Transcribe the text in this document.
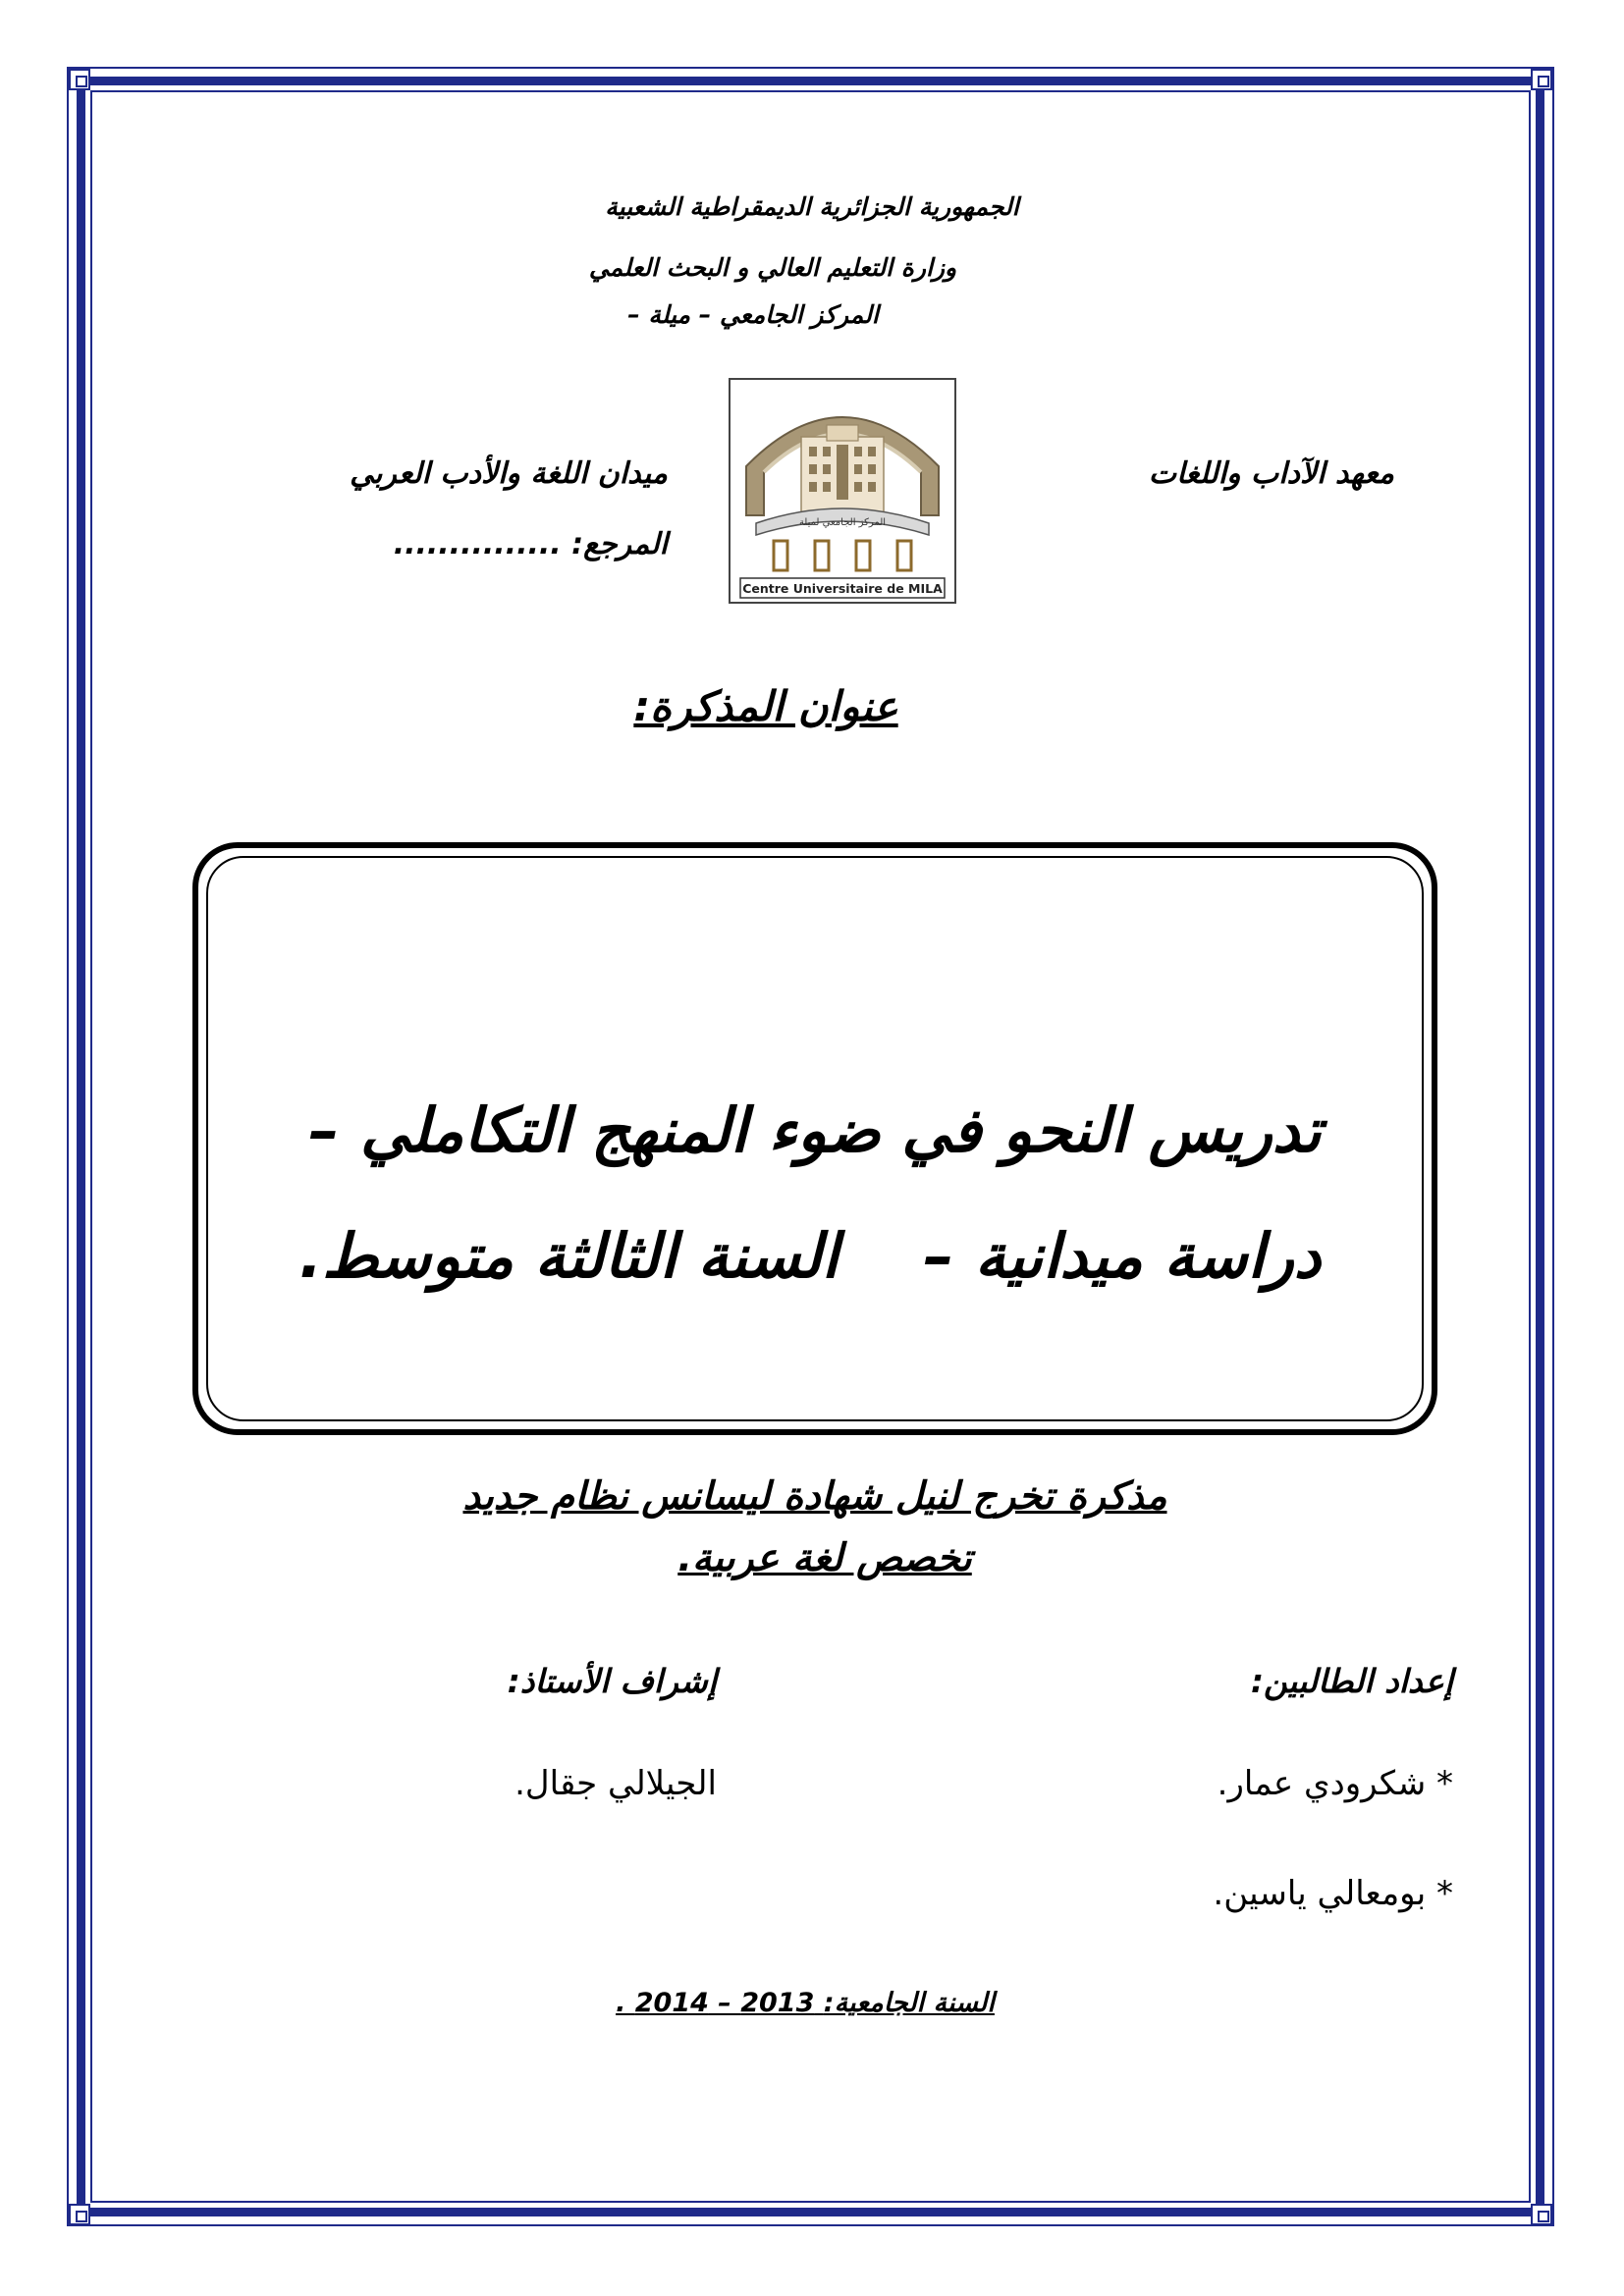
الجمهورية الجزائرية الديمقراطية الشعبية
وزارة التعليم العالي و البحث العلمي
المركز الجامعي – ميلة –
معهد الآداب واللغات
ميدان اللغة والأدب العربي
المرجع: ...............
المركز الجامعي لميلة
Centre Universitaire de MILA
عنوان المذكرة:
تدريس النحو في ضوء المنهج التكاملي –
دراسة ميدانية –    السنة الثالثة متوسط.
مذكرة تخرج لنيل شهادة ليسانس نظام جديد
تخصص لغة عربية.
إعداد الطالبين:
إشراف الأستاذ:
* شكرودي عمار.
الجيلالي جقال.
* بومعالي ياسين.
السنة الجامعية: 2013 – 2014 .
